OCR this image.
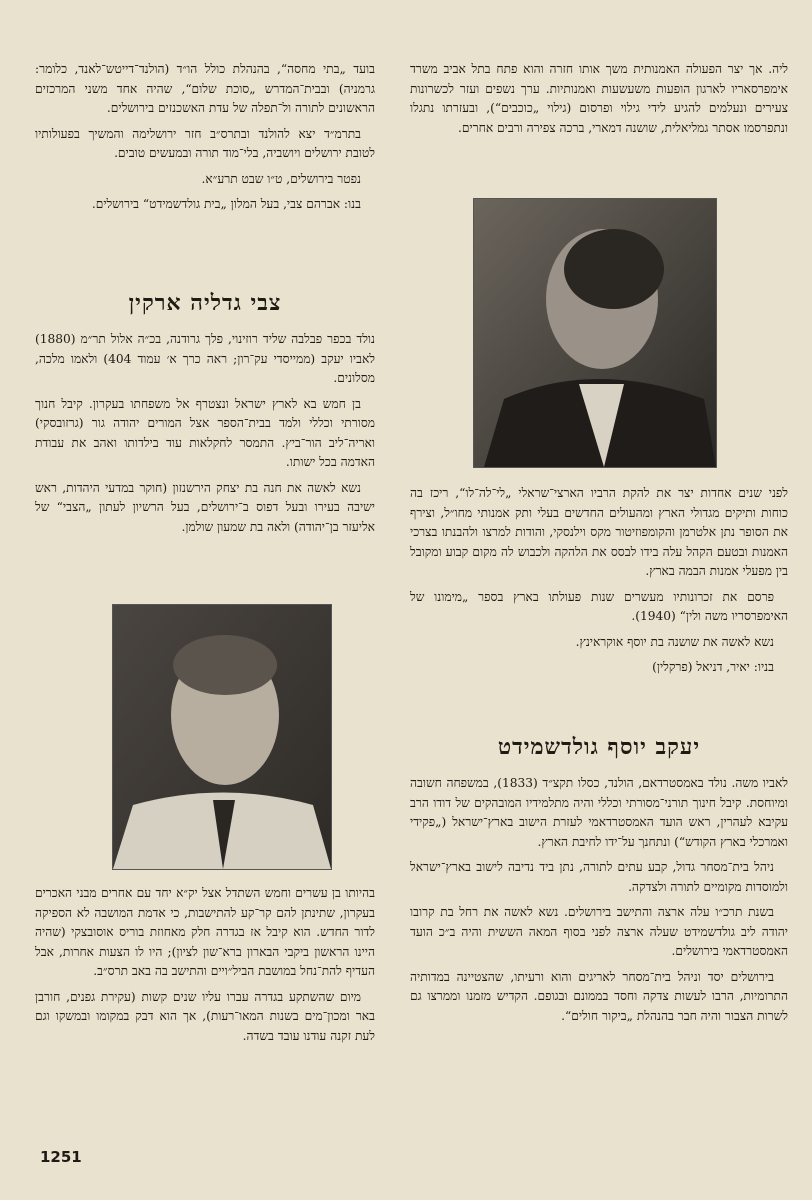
ליה. אך יצר הפעולה האמנותית משך אותו חזרה והוא פתח בתל אביב משרד אימפרסאריו לארגון הופעות משעשעות ואמנותיות. ערך נשפים ועזר לכשרונות צעירים ונעלמים להגיע לידי גילוי ופרסום (גילוי „כוכבים“), ובעזרתו נתגלו ונתפרסמו אסתר גמליאלית, שושנה דמארי, ברכה צפירה ורבים אחרים.

לפני שנים אחדות יצר את להקת הרביו הארצי־שראלי „לי־לה־לו“, ריכז בה כוחות ותיקים מגדולי הארץ ומהעולים החדשים בעלי ותק אמנותי מחו״ל, וצירף את הסופר נתן אלטרמן והקומפוזיטור מקס וילנסקי, והודות למרצו ולהבנתו בצרכי האמנות ובטעם הקהל עלה בידו לבסס את הלהקה ולכבוש לה מקום קבוע ומקובל בין מפעלי אמנות הבמה בארץ.

פרסם את זכרונותיו מעשרים שנות פעולתו בארץ בספר „מימונו של האימפרסריו משה ולין“ (1940).

נשא לאשה את שושנה בת יוסף אוקראינץ.

בניו: יאיר, דניאל (פרקלין)

יעקב יוסף גולדשמידט

לאביו משה. נולד באמסטרדאם, הולנד, כסלו תקצ״ד (1833), במשפחה חשובה ומיוחסת. קיבל חינוך תורני־מסורתי וכללי והיה מתלמידיו המובהקים של דודו הרב עקיבא לעהרין, ראש הועד האמסטרדאמי לעזרת הישוב בארץ־ישראל („פקידי ואמרכלי בארץ הקודש“) ונתחנך על־ידו לחיבת הארץ.

ניהל בית־מסחר גדול, קבע עתים לתורה, נתן ביד נדיבה לישוב בארץ־ישראל ולמוסדות מקומיים לתורה ולצדקה.

בשנת תרכ״ו עלה ארצה והתישב בירושלים. נשא לאשה את רחל בת קרובו יהודה ליב גולדשמידט שעלה ארצה לפני בסוף המאה הששית והיה ב״כ הועד האמסטרדאמי בירושלים.

בירושלים יסד וניהל בית־מסחר לאריגים והוא ורעיתו, שהצטיינה במדותיה התרומיות, הרבו לעשות צדקה וחסד בממונם ובגופם. הקדיש מזמנו וממרצו גם לשרות הצבור והיה חבר בהנהלת „ביקור חולים“.

בועד „בתי מחסה“, בהנהלת כולל הו״ד (הולנד־דייטש־לאנד, כלומר: גרמניה) ובבית־המדרש „סוכת שלום“, שהיה אחד משני המרכזים הראשונים לתורה ול־תפלה של עדת האשכנזים בירושלים.

בתרמ״ד יצא להולנד ובתרס״ב חזר ירושלימה והמשיך בפעולותיו לטובת ירושלים ויושביה, בלי־מוד תורה ובמעשים טובים.

נפטר בירושלים, ט״ו שבט תרע״א.

בנו: אברהם צבי, בעל המלון „בית גולדשמידט“ בירושלים.

צבי גדליה ארקין

נולד בכפר פבלבה שליד רוזינוי, פלך גרודנה, בכ״ה אלול תר״מ (1880) לאביו יעקב (ממייסדי עק־רון; ראה כרך א׳ עמוד 404) ולאמו מלכה, מסלונים.

בן חמש בא לארץ ישראל ונצטרף אל משפחתו בעקרון. קיבל חנוך מסורתי וכללי ולמד בבית־הספר אצל המורים יהודה גור (גרזובסקי) ואריה־ליב הור־ביץ. התמסר לחקלאות עוד בילדותו ואהב את עבודת האדמה בכל ישותו.

נשא לאשה את חנה בת יצחק הירשנזון (חוקר במדעי היהדות, ראש ישיבה בעירו ובעל דפוס ב־ירושלים, בעל הרשיון לעתון „הצבי“ של אליעזר בן־יהודה) ולאה בת שמעון שולמן.

בהיותו בן עשרים וחמש השתדל אצל יק״א יחד עם אחרים מבני האכרים בעקרון, שתינתן להם קר־קע להתישבות, כי אדמת המושבה לא הספיקה לדור החדש. הוא קיבל אז בגדרה חלק מאחוזת בוריס אוסובצקי (שהיה היינו הראשון ביקבי הבארון ברא־שון לציון); היו לו הצעות אחרות, אבל העדיף להת־נחל במושבת הביל״ויים והתישב בה באב תרס״ב.

מיום שהשתקע בגדרה עברו עליו שנים קשות (עקירת גפנים, חורבן באר ומכון־מים בשנות המאו־רעות), אך הוא דבק במקומו ובמשקו וגם לעת זקנה עודנו עובד בשדה.

1251
